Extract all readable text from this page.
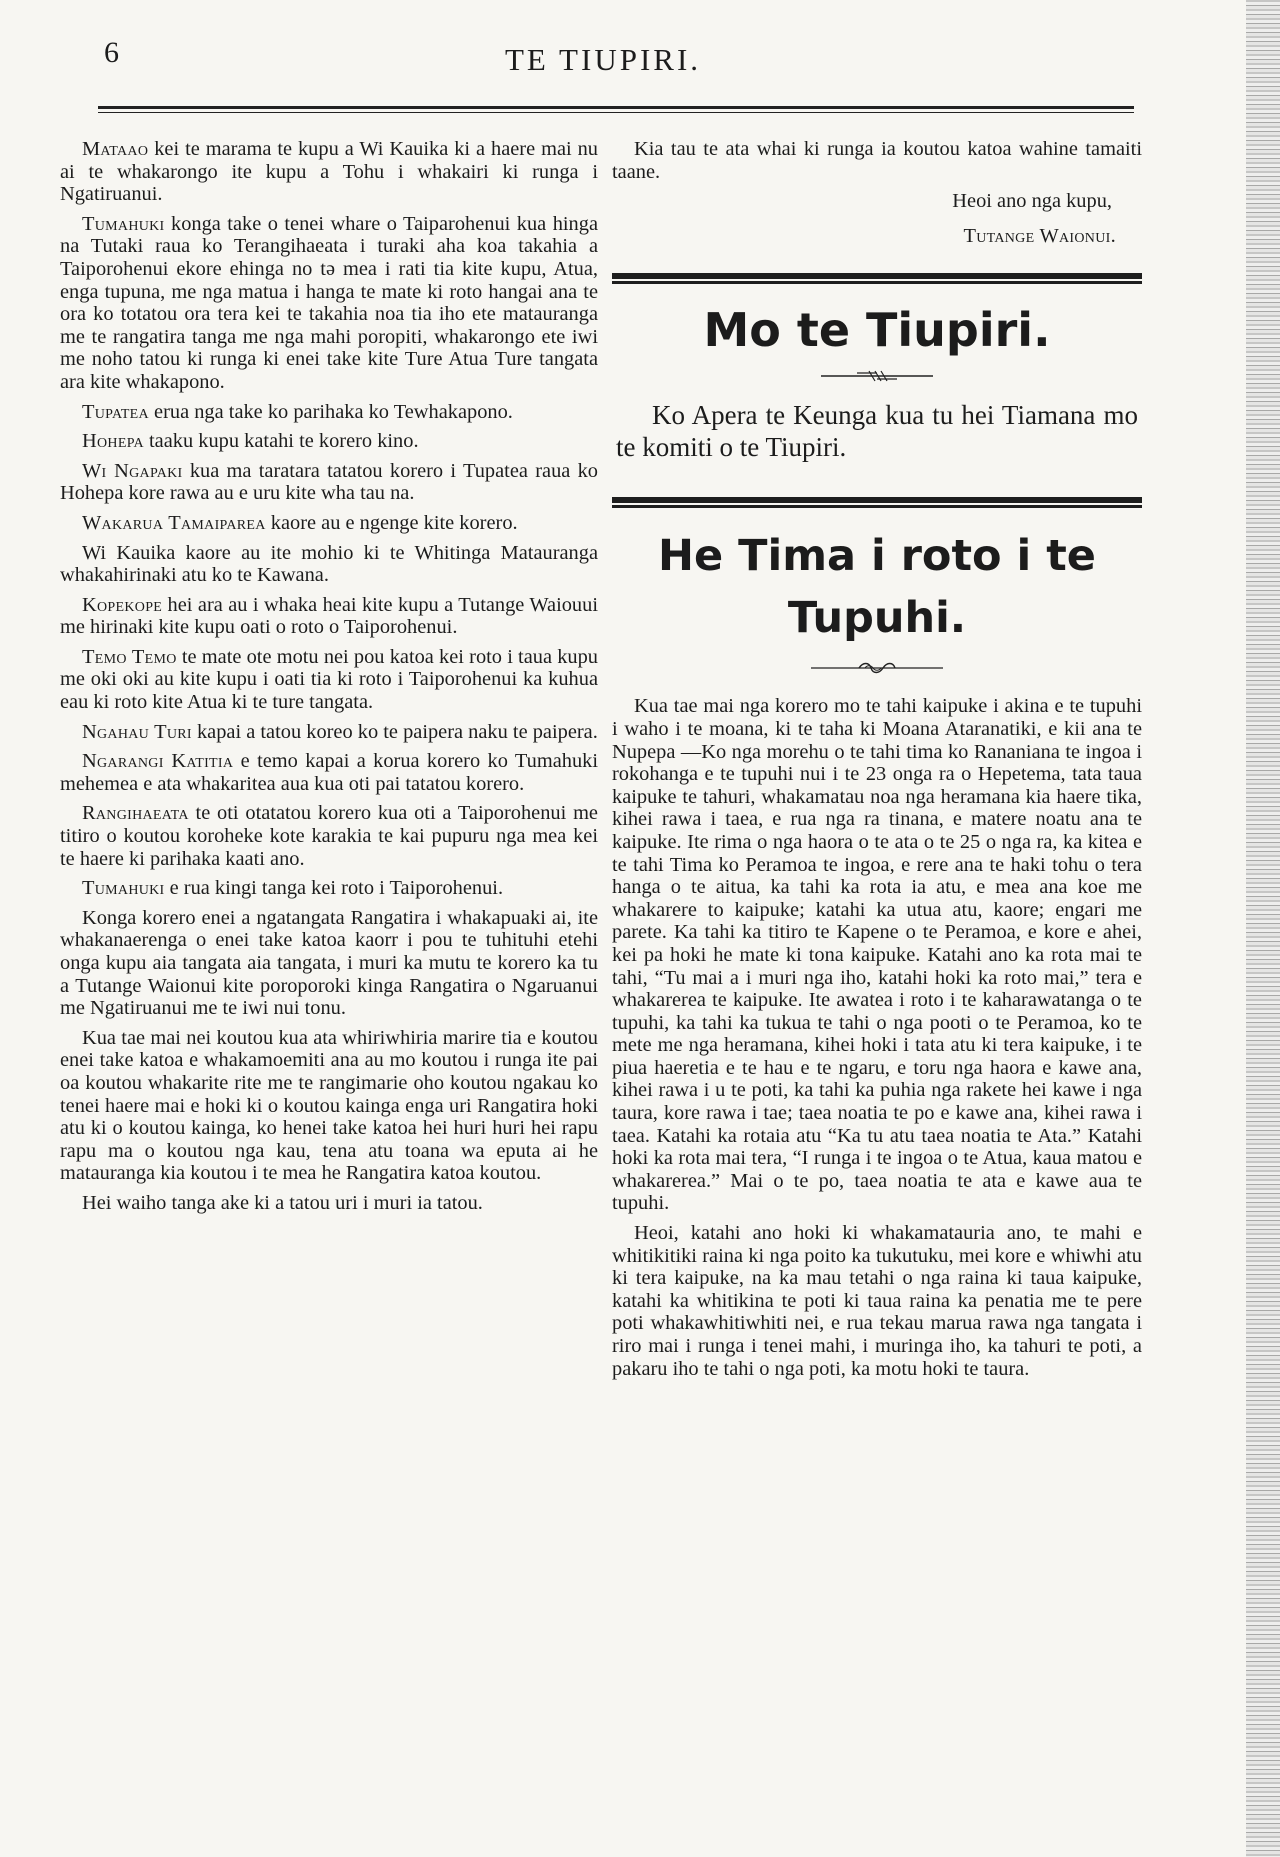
6	TE TIUPIRI.

Mataao kei te marama te kupu a Wi Kauika ki a haere mai nu ai te whakarongo ite kupu a Tohu i whakairi ki runga i Ngatiruanui.

Tumahuki konga take o tenei whare o Taiparohenui kua hinga na Tutaki raua ko Terangihaeata i turaki aha koa takahia a Taiporohenui ekore ehinga no tə mea i rati tia kite kupu, Atua, enga tupuna, me nga matua i hanga te mate ki roto hangai ana te ora ko totatou ora tera kei te takahia noa tia iho ete matauranga me te rangatira tanga me nga mahi poropiti, whakarongo ete iwi me noho tatou ki runga ki enei take kite Ture Atua Ture tangata ara kite whakapono.

Tupatea erua nga take ko parihaka ko Tewhakapono.

Hohepa taaku kupu katahi te korero kino.

Wi Ngapaki kua ma taratara tatatou korero i Tupatea raua ko Hohepa kore rawa au e uru kite wha tau na.

Wakarua Tamaiparea kaore au e ngenge kite korero.

Wi Kauika kaore au ite mohio ki te Whitinga Matauranga whakahirinaki atu ko te Kawana.

Kopekope hei ara au i whaka heai kite kupu a Tutange Waiouui me hirinaki kite kupu oati o roto o Taiporohenui.

Temo Temo te mate ote motu nei pou katoa kei roto i taua kupu me oki oki au kite kupu i oati tia ki roto i Taiporohenui ka kuhua eau ki roto kite Atua ki te ture tangata.

Ngahau Turi kapai a tatou koreo ko te paipera naku te paipera.

Ngarangi Katitia e temo kapai a korua korero ko Tumahuki mehemea e ata whakaritea aua kua oti pai tatatou korero.

Rangihaeata te oti otatatou korero kua oti a Taiporohenui me titiro o koutou koroheke kote karakia te kai pupuru nga mea kei te haere ki parihaka kaati ano.

Tumahuki e rua kingi tanga kei roto i Taiporohenui.

Konga korero enei a ngatangata Rangatira i whakapuaki ai, ite whakanaerenga o enei take katoa kaorr i pou te tuhituhi etehi onga kupu aia tangata aia tangata, i muri ka mutu te korero ka tu a Tutange Waionui kite poroporoki kinga Rangatira o Ngaruanui me Ngatiruanui me te iwi nui tonu.

Kua tae mai nei koutou kua ata whiriwhiria marire tia e koutou enei take katoa e whakamoemiti ana au mo koutou i runga ite pai oa koutou whakarite rite me te rangimarie oho koutou ngakau ko tenei haere mai e hoki ki o koutou kainga enga uri Rangatira hoki atu ki o koutou kainga, ko henei take katoa hei huri huri hei rapu rapu ma o koutou nga kau, tena atu toana wa eputa ai he matauranga kia koutou i te mea he Rangatira katoa koutou.

Hei waiho tanga ake ki a tatou uri i muri ia tatou.

Kia tau te ata whai ki runga ia koutou katoa wahine tamaiti taane.

Heoi ano nga kupu,
Tutange Waionui.
Mo te Tiupiri.

Ko Apera te Keunga kua tu hei Tiamana mo te komiti o te Tiupiri.

He Tima i roto i te Tupuhi.

Kua tae mai nga korero mo te tahi kaipuke i akina e te tupuhi i waho i te moana, ki te taha ki Moana Ataranatiki, e kii ana te Nupepa —Ko nga morehu o te tahi tima ko Rananiana te ingoa i rokohanga e te tupuhi nui i te 23 onga ra o Hepetema, tata taua kaipuke te tahuri, whakamatau noa nga heramana kia haere tika, kihei rawa i taea, e rua nga ra tinana, e matere noatu ana te kaipuke. Ite rima o nga haora o te ata o te 25 o nga ra, ka kitea e te tahi Tima ko Peramoa te ingoa, e rere ana te haki tohu o tera hanga o te aitua, ka tahi ka rota ia atu, e mea ana koe me whakarere to kaipuke; katahi ka utua atu, kaore; engari me parete. Ka tahi ka titiro te Kapene o te Peramoa, e kore e ahei, kei pa hoki he mate ki tona kaipuke. Katahi ano ka rota mai te tahi, “Tu mai a i muri nga iho, katahi hoki ka roto mai,” tera e whakarerea te kaipuke. Ite awatea i roto i te kaharawatanga o te tupuhi, ka tahi ka tukua te tahi o nga pooti o te Peramoa, ko te mete me nga heramana, kihei hoki i tata atu ki tera kaipuke, i te piua haeretia e te hau e te ngaru, e toru nga haora e kawe ana, kihei rawa i u te poti, ka tahi ka puhia nga rakete hei kawe i nga taura, kore rawa i tae; taea noatia te po e kawe ana, kihei rawa i taea. Katahi ka rotaia atu “Ka tu atu taea noatia te Ata.” Katahi hoki ka rota mai tera, “I runga i te ingoa o te Atua, kaua matou e whakarerea.” Mai o te po, taea noatia te ata e kawe aua te tupuhi.

Heoi, katahi ano hoki ki whakamatauria ano, te mahi e whitikitiki raina ki nga poito ka tukutuku, mei kore e whiwhi atu ki tera kaipuke, na ka mau tetahi o nga raina ki taua kaipuke, katahi ka whitikina te poti ki taua raina ka penatia me te pere poti whakawhitiwhiti nei, e rua tekau marua rawa nga tangata i riro mai i runga i tenei mahi, i muringa iho, ka tahuri te poti, a pakaru iho te tahi o nga poti, ka motu hoki te taura.
